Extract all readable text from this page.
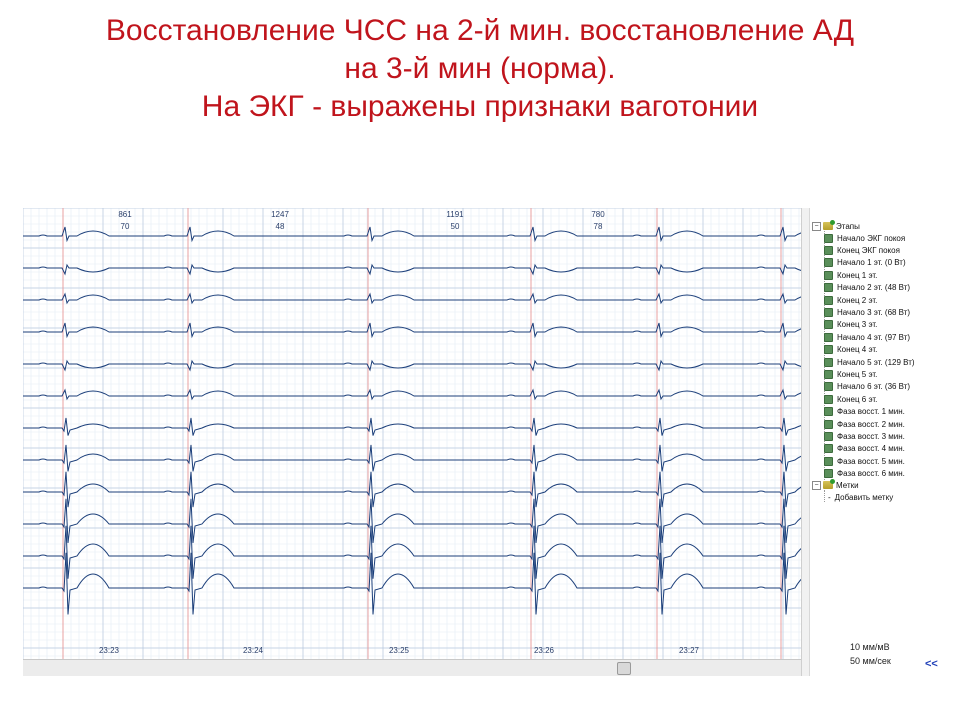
Восстановление ЧСС на 2-й мин. восстановление АД
на 3-й мин (норма).
На ЭКГ - выражены признаки ваготонии
861
70
1247
48
1191
50
780
78
23:23	23:24	23:25	23:26	23:27
−	Этапы
Начало ЭКГ покоя
Конец ЭКГ покоя
Начало 1 эт. (0 Вт)
Конец 1 эт.
Начало 2 эт. (48 Вт)
Конец 2 эт.
Начало 3 эт. (68 Вт)
Конец 3 эт.
Начало 4 эт. (97 Вт)
Конец 4 эт.
Начало 5 эт. (129 Вт)
Конец 5 эт.
Начало 6 эт. (36 Вт)
Конец 6 эт.
Фаза восст. 1 мин.
Фаза восст. 2 мин.
Фаза восст. 3 мин.
Фаза восст. 4 мин.
Фаза восст. 5 мин.
Фаза восст. 6 мин.
−	Метки
- Добавить метку
10 мм/мВ
50 мм/сек	<<
